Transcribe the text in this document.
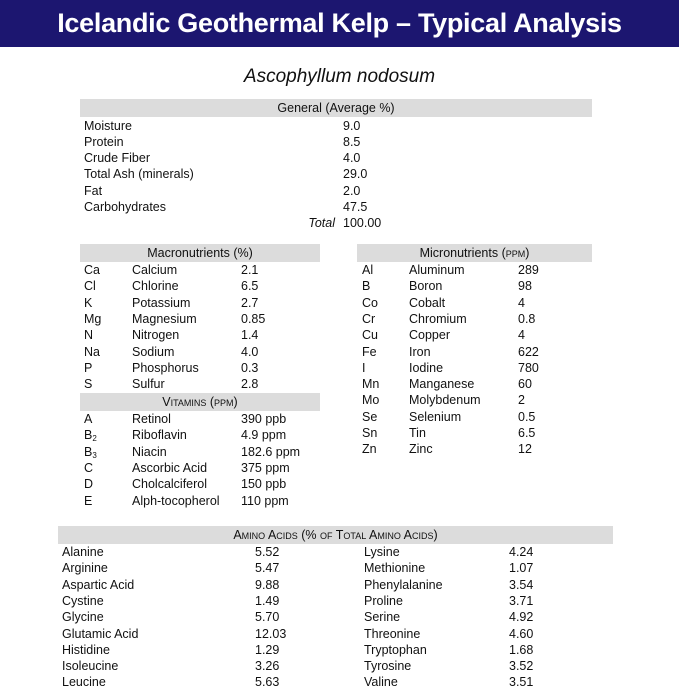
Icelandic Geothermal Kelp – Typical Analysis
Ascophyllum nodosum
General (Average %)
Moisture	9.0
Protein	8.5
Crude Fiber	4.0
Total Ash (minerals)	29.0
Fat	2.0
Carbohydrates	47.5
Total 100.00
Macronutrients (%)
Ca	Calcium	2.1
Cl	Chlorine	6.5
K	Potassium	2.7
Mg Magnesium	0.85
N	Nitrogen	1.4
Na	Sodium	4.0
P	Phosphorus	0.3
S	Sulfur	2.8
Vitamins (ppm)
A	Retinol	390 ppb
$B_2$	Riboflavin	4.9 ppm
$B_3$	Niacin	182.6 ppm
C	Ascorbic Acid	375 ppm
D	Cholcalciferol	150 ppb
E	Alph-tocopherol 110 ppm
Micronutrients (ppm)
Al	Aluminum	289
B	Boron	98
Co Cobalt	4
Cr	Chromium	0.8
Cu Copper	4
Fe	Iron	622
I	Iodine	780
Mn Manganese	60
Mo Molybdenum	2
Se	Selenium	0.5
Sn	Tin	6.5
Zn	Zinc	12
Amino Acids (% of Total Amino Acids)
Alanine	5.52	Lysine	4.24
Arginine	5.47	Methionine	1.07
Aspartic Acid	9.88	Phenylalanine	3.54
Cystine	1.49	Proline	3.71
Glycine	5.70	Serine	4.92
Glutamic Acid	12.03	Threonine	4.60
Histidine	1.29	Tryptophan	1.68
Isoleucine	3.26	Tyrosine	3.52
Leucine	5.63	Valine	3.51
